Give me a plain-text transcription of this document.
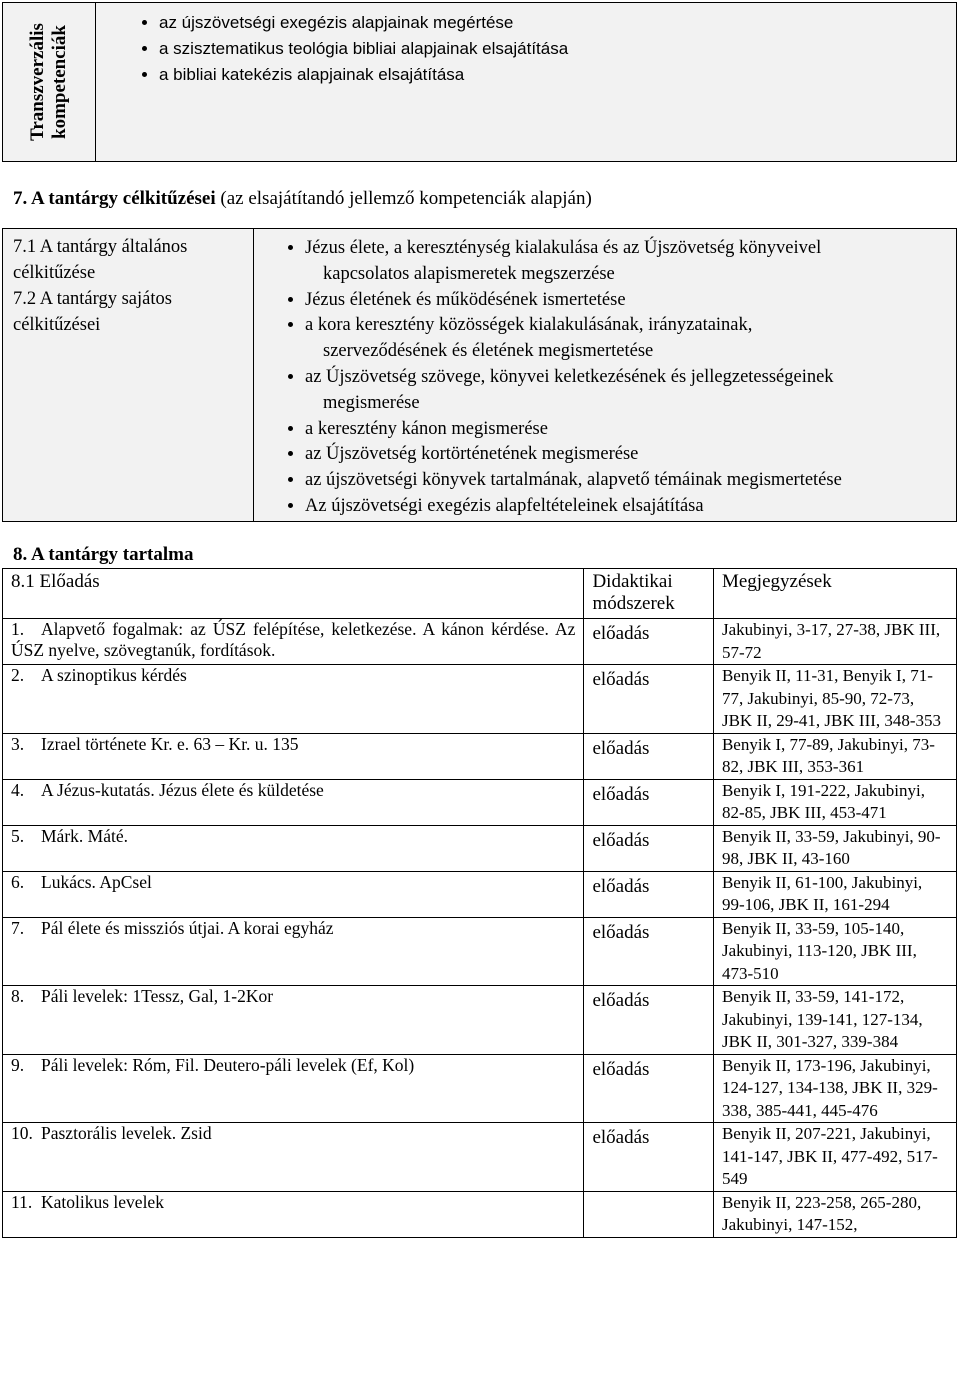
Transzverzális kompetenciák

• az újszövetségi exegézis alapjainak megértése
• a szisztematikus teológia bibliai alapjainak elsajátítása
• a bibliai katekézis alapjainak elsajátítása
7. A tantárgy célkitűzései (az elsajátítandó jellemző kompetenciák alapján)

7.1 A tantárgy általános célkitűzése

7.2 A tantárgy sajátos célkitűzései

• Jézus élete, a kereszténység kialakulása és az Újszövetség könyveivel
kapcsolatos alapismeretek megszerzése
• Jézus életének és működésének ismertetése
• a kora keresztény közösségek kialakulásának, irányzatainak,
szerveződésének és életének megismertetése
• az Újszövetség szövege, könyvei keletkezésének és jellegzetességeinek
megismerése
• a keresztény kánon megismerése
• az Újszövetség kortörténetének megismerése
• az újszövetségi könyvek tartalmának, alapvető témáinak megismertetése
• Az újszövetségi exegézis alapfeltételeinek elsajátítása
8. A tantárgy tartalma
8.1 Előadás	Didaktikai módszerek	Megjegyzések
1. Alapvető fogalmak: az ÚSZ felépítése, keletkezése. A kánon kérdése. Az ÚSZ nyelve, szövegtanúk, fordítások.	előadás	Jakubinyi, 3-17, 27-38, JBK III, 57-72
2. A szinoptikus kérdés	előadás	Benyik II, 11-31, Benyik I, 71-77, Jakubinyi, 85-90, 72-73, JBK II, 29-41, JBK III, 348-353
3. Izrael története Kr. e. 63 – Kr. u. 135	előadás	Benyik I, 77-89, Jakubinyi, 73-82, JBK III, 353-361
4. A Jézus-kutatás. Jézus élete és küldetése	előadás	Benyik I, 191-222, Jakubinyi, 82-85, JBK III, 453-471
5. Márk. Máté.	előadás	Benyik II, 33-59, Jakubinyi, 90-98, JBK II, 43-160
6. Lukács. ApCsel	előadás	Benyik II, 61-100, Jakubinyi, 99-106, JBK II, 161-294
7. Pál élete és missziós útjai. A korai egyház	előadás	Benyik II, 33-59, 105-140, Jakubinyi, 113-120, JBK III, 473-510
8. Páli levelek: 1Tessz, Gal, 1-2Kor	előadás	Benyik II, 33-59, 141-172, Jakubinyi, 139-141, 127-134, JBK II, 301-327, 339-384
9. Páli levelek: Róm, Fil. Deutero-páli levelek (Ef, Kol)	előadás	Benyik II, 173-196, Jakubinyi, 124-127, 134-138, JBK II, 329-338, 385-441, 445-476
10. Pasztorális levelek. Zsid	előadás	Benyik II, 207-221, Jakubinyi, 141-147, JBK II, 477-492, 517-549
11. Katolikus levelek		Benyik II, 223-258, 265-280, Jakubinyi, 147-152,
